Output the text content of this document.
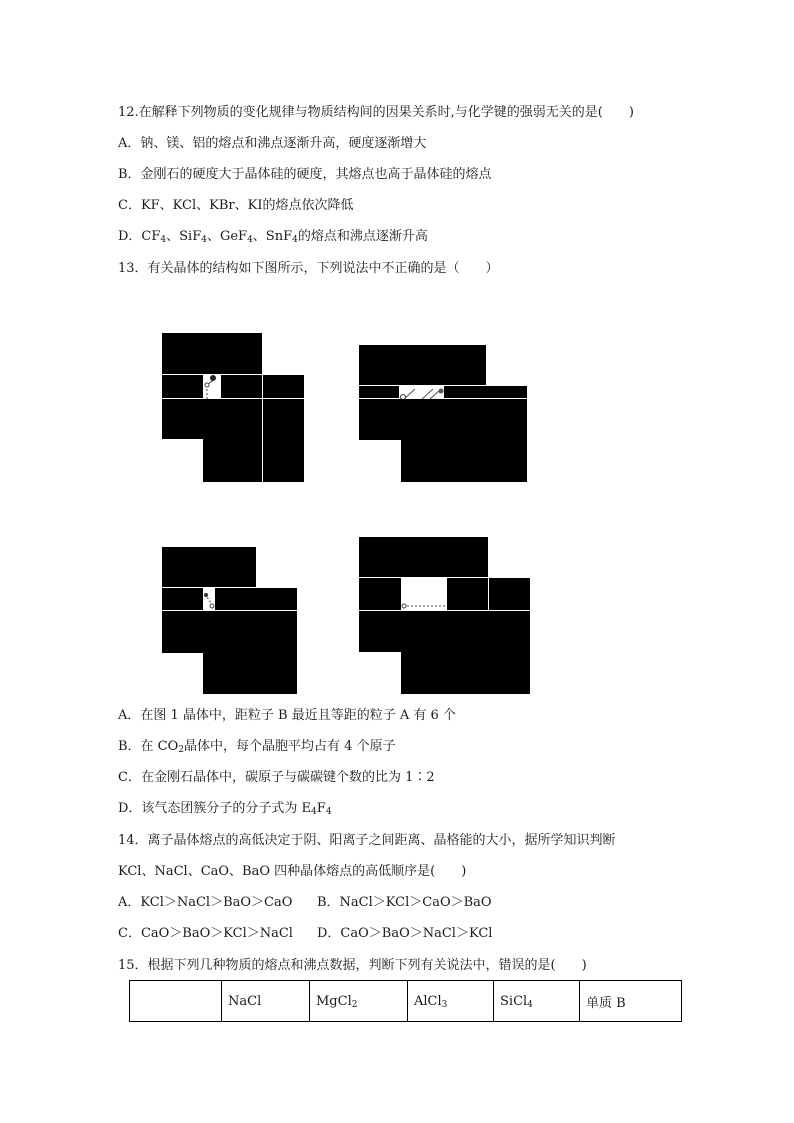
12.在解释下列物质的变化规律与物质结构间的因果关系时,与化学键的强弱无关的是(　　)
A．钠、镁、铝的熔点和沸点逐渐升高，硬度逐渐增大
B．金刚石的硬度大于晶体硅的硬度，其熔点也高于晶体硅的熔点
C．KF、KCl、KBr、KI的熔点依次降低
D．$CF_4$、SiF$_4$、GeF$_4$、SnF$_4$的熔点和沸点逐渐升高
13．有关晶体的结构如下图所示，下列说法中不正确的是（　　）
A．在图 1 晶体中，距粒子 B 最近且等距的粒子 A 有 6 个
B．在 $CO_2$晶体中，每个晶胞平均占有 4 个原子
C．在金刚石晶体中，碳原子与碳碳键个数的比为 1∶2
D．该气态团簇分子的分子式为 $E_4F_4$
14．离子晶体熔点的高低决定于阴、阳离子之间距离、晶格能的大小，据所学知识判断
KCl、NaCl、CaO、BaO 四种晶体熔点的高低顺序是(　　)
A．KCl＞NaCl＞BaO＞CaO B．NaCl＞KCl＞CaO＞BaO
C．CaO＞BaO＞KCl＞NaCl D．CaO＞BaO＞NaCl＞KCl
15．根据下列几种物质的熔点和沸点数据，判断下列有关说法中，错误的是(　　)
	NaCl	MgCl$_2$	AlCl$_3$	SiCl$_4$	单质 B
